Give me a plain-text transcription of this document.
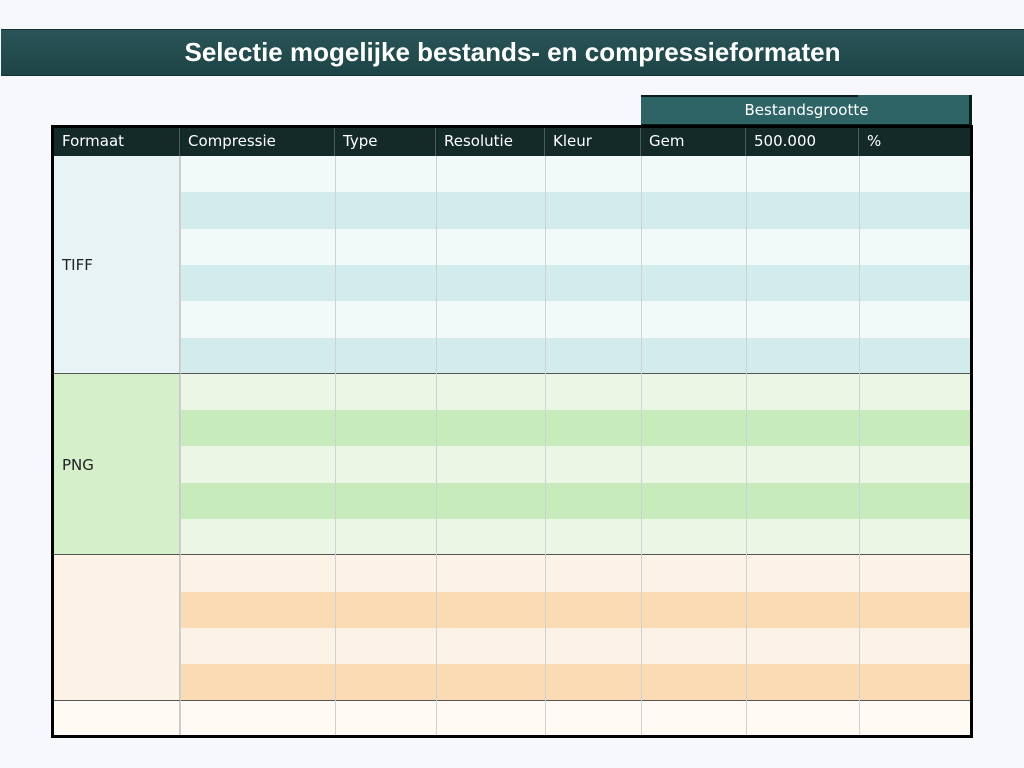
Selectie mogelijke bestands- en compressieformaten
Bestandsgrootte
Formaat	Compressie	Type	Resolutie	Kleur	Gem	500.000	%
TIFF
PNG
